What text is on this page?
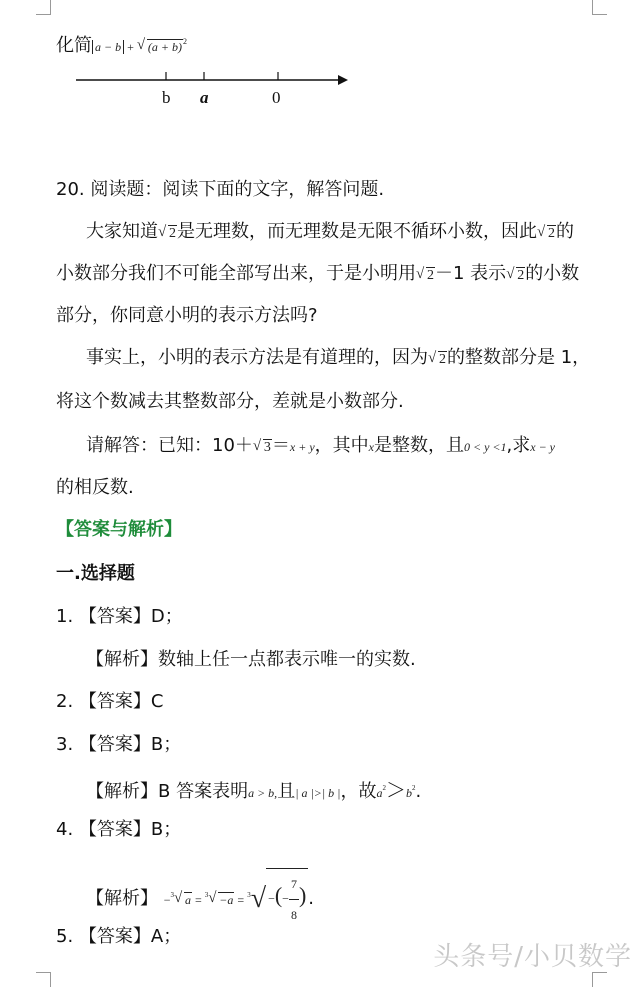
化简 a − b + √ $(a + b)^2$
b a	0
20. 阅读题：阅读下面的文字，解答问题.
大家知道 √ 2是无理数，而无理数是无限不循环小数，因此 √ 2的
小数部分我们不可能全部写出来，于是小明用 √ 2－1 表示 √ 2的小数
部分，你同意小明的表示方法吗?
事实上，小明的表示方法是有道理的，因为 √ 2的整数部分是 1，
将这个数减去其整数部分，差就是小数部分.
请解答：已知：10＋ √ 3＝x + y，其中x是整数，且0 < y <1,求x − y
的相反数.
【答案与解析】
一.选择题
1. 【答案】D；
【解析】数轴上任一点都表示唯一的实数.
2. 【答案】C
3. 【答案】B；
【解析】B 答案表明a > b,且| a |>| b |，故$a^2>b^2$.
4. 【答案】B；
【解析】 −$^3$ √ a = $^3$ √ −a = $^3$√ −(− $\frac{7}{8}$ ) .
5. 【答案】A；
头条号/小贝数学
